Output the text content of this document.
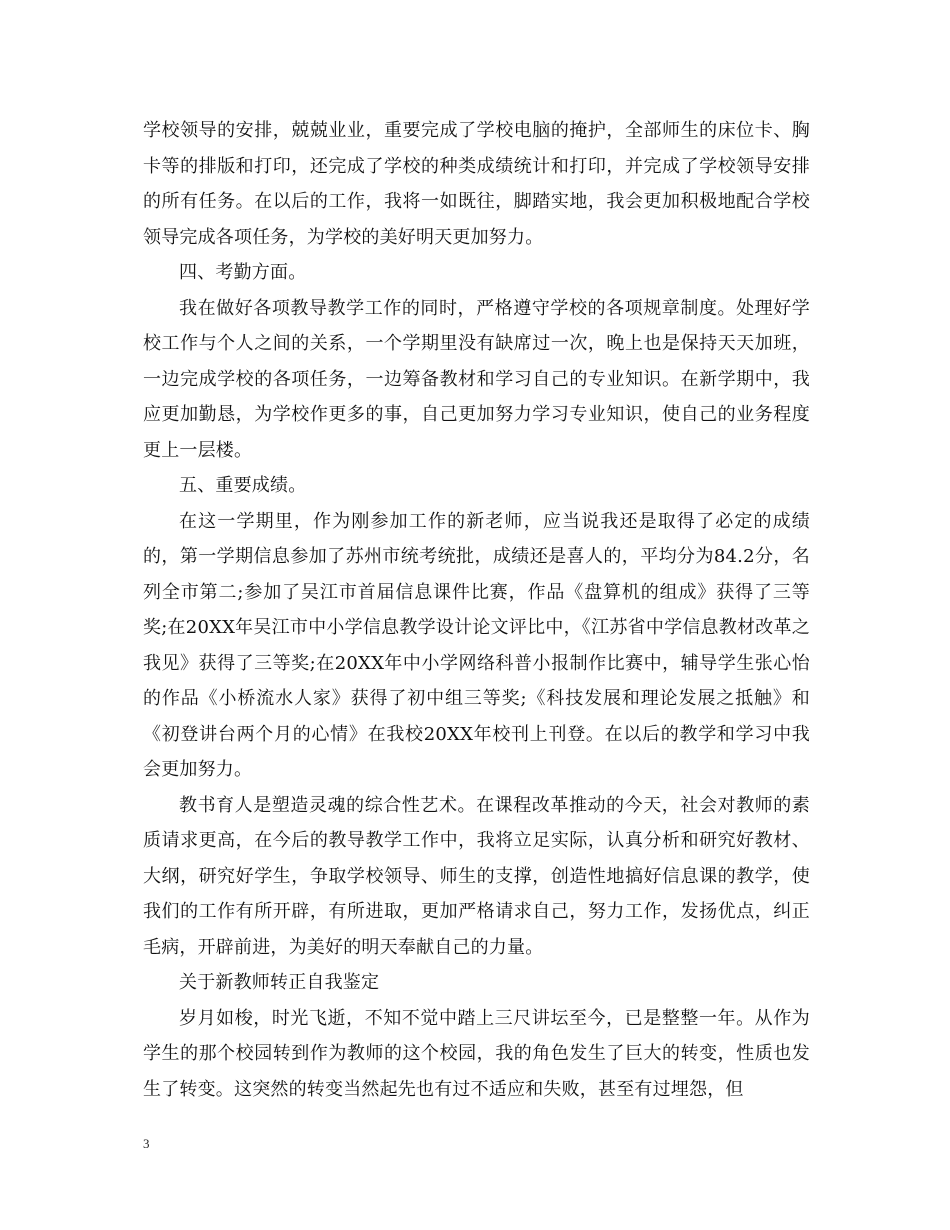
学校领导的安排，兢兢业业，重要完成了学校电脑的掩护，全部师生的床位卡、胸卡等的排版和打印，还完成了学校的种类成绩统计和打印，并完成了学校领导安排的所有任务。在以后的工作，我将一如既往，脚踏实地，我会更加积极地配合学校领导完成各项任务，为学校的美好明天更加努力。

四、考勤方面。

我在做好各项教导教学工作的同时，严格遵守学校的各项规章制度。处理好学校工作与个人之间的关系，一个学期里没有缺席过一次，晚上也是保持天天加班，一边完成学校的各项任务，一边筹备教材和学习自己的专业知识。在新学期中，我应更加勤恳，为学校作更多的事，自己更加努力学习专业知识，使自己的业务程度更上一层楼。

五、重要成绩。

在这一学期里，作为刚参加工作的新老师，应当说我还是取得了必定的成绩的，第一学期信息参加了苏州市统考统批，成绩还是喜人的，平均分为84.2分，名列全市第二;参加了吴江市首届信息课件比赛，作品《盘算机的组成》获得了三等奖;在20XX年吴江市中小学信息教学设计论文评比中，《江苏省中学信息教材改革之我见》获得了三等奖;在20XX年中小学网络科普小报制作比赛中，辅导学生张心怡的作品《小桥流水人家》获得了初中组三等奖;《科技发展和理论发展之抵触》和《初登讲台两个月的心情》在我校20XX年校刊上刊登。在以后的教学和学习中我会更加努力。

教书育人是塑造灵魂的综合性艺术。在课程改革推动的今天，社会对教师的素质请求更高，在今后的教导教学工作中，我将立足实际，认真分析和研究好教材、大纲，研究好学生，争取学校领导、师生的支撑，创造性地搞好信息课的教学，使我们的工作有所开辟，有所进取，更加严格请求自己，努力工作，发扬优点，纠正毛病，开辟前进，为美好的明天奉献自己的力量。

关于新教师转正自我鉴定

岁月如梭，时光飞逝，不知不觉中踏上三尺讲坛至今，已是整整一年。从作为学生的那个校园转到作为教师的这个校园，我的角色发生了巨大的转变，性质也发生了转变。这突然的转变当然起先也有过不适应和失败，甚至有过埋怨，但

3
